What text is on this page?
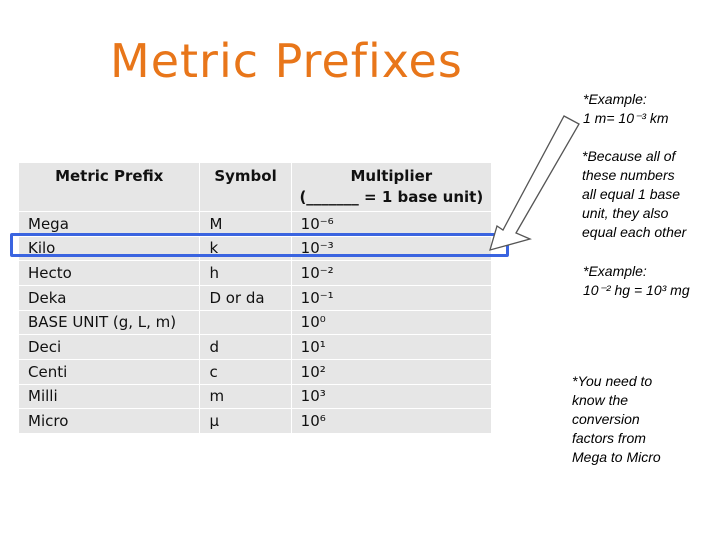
Metric Prefixes
Metric Prefix	Symbol	Multiplier
(_______ = 1 base unit)

Mega	M	10⁻⁶
Kilo	k	10⁻³
Hecto	h	10⁻²
Deka	D or da	10⁻¹
BASE UNIT (g, L, m)		10⁰
Deci	d	10¹
Centi	c	10²
Milli	m	10³
Micro	μ	10⁶
*Example:
1 m= 10⁻³ km
*Because all of
these numbers
all equal 1 base
unit, they also
equal each other
*Example:
10⁻² hg = 10³ mg
*You need to
know the
conversion
factors from
Mega to Micro
